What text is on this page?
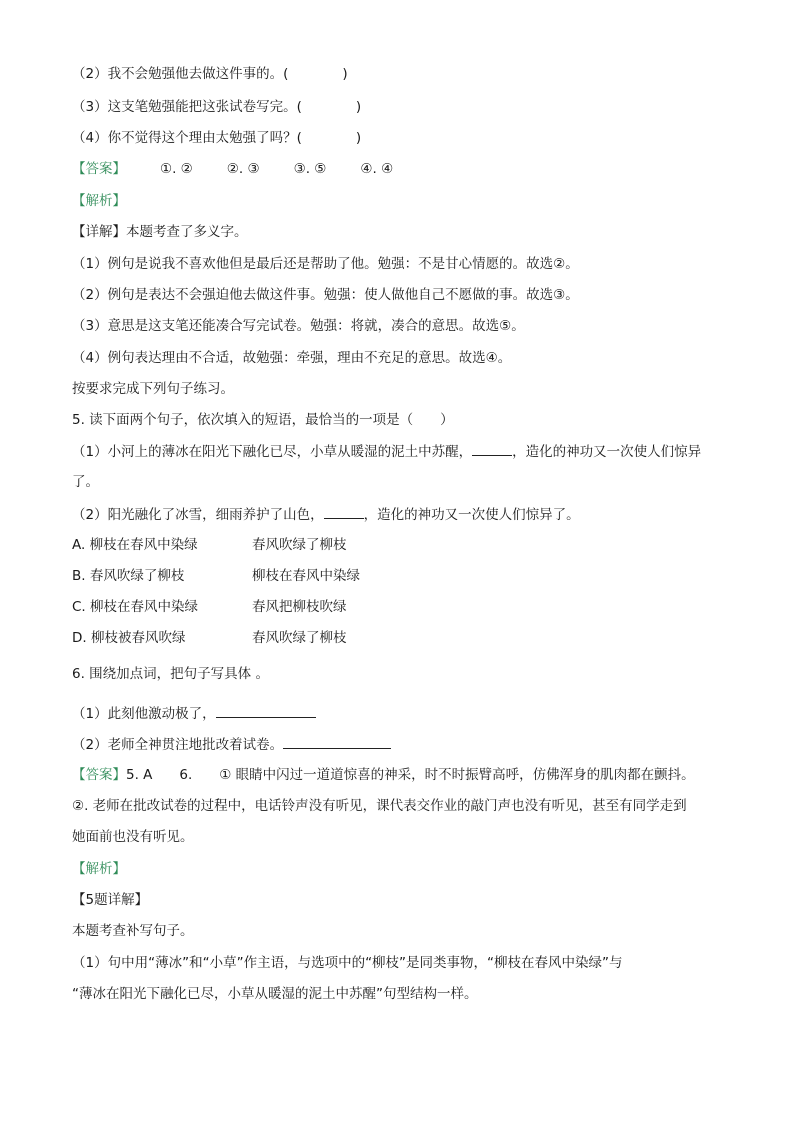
（2）我不会勉强他去做这件事的。(　　　　)
（3）这支笔勉强能把这张试卷写完。(　　　　)
（4）你不觉得这个理由太勉强了吗？(　　　　)
【答案】	①. ②	②. ③	③. ⑤	④. ④
【解析】
【详解】本题考查了多义字。
（1）例句是说我不喜欢他但是最后还是帮助了他。勉强：不是甘心情愿的。故选②。
（2）例句是表达不会强迫他去做这件事。勉强：使人做他自己不愿做的事。故选③。
（3）意思是这支笔还能凑合写完试卷。勉强：将就，凑合的意思。故选⑤。
（4）例句表达理由不合适，故勉强：牵强，理由不充足的意思。故选④。
按要求完成下列句子练习。
5. 读下面两个句子，依次填入的短语，最恰当的一项是（　　）
（1）小河上的薄冰在阳光下融化已尽，小草从暖湿的泥土中苏醒，	，造化的神功又一次使人们惊异
了。
（2）阳光融化了冰雪，细雨养护了山色，	，造化的神功又一次使人们惊异了。
A. 柳枝在春风中染绿	春风吹绿了柳枝
B. 春风吹绿了柳枝	柳枝在春风中染绿
C. 柳枝在春风中染绿	春风把柳枝吹绿
D. 柳枝被春风吹绿	春风吹绿了柳枝
6. 围绕加点词，把句子写具体 。
（1）此刻他激动极了，
（2）老师全神贯注地批改着试卷。
【答案】5. A　　6.　　① 眼睛中闪过一道道惊喜的神采，时不时振臂高呼，仿佛浑身的肌肉都在颤抖。
②. 老师在批改试卷的过程中，电话铃声没有听见，课代表交作业的敲门声也没有听见，甚至有同学走到
她面前也没有听见。
【解析】
【5题详解】
本题考查补写句子。
（1）句中用“薄冰”和“小草”作主语，与选项中的“柳枝”是同类事物，“柳枝在春风中染绿”与
“薄冰在阳光下融化已尽，小草从暖湿的泥土中苏醒”句型结构一样。
